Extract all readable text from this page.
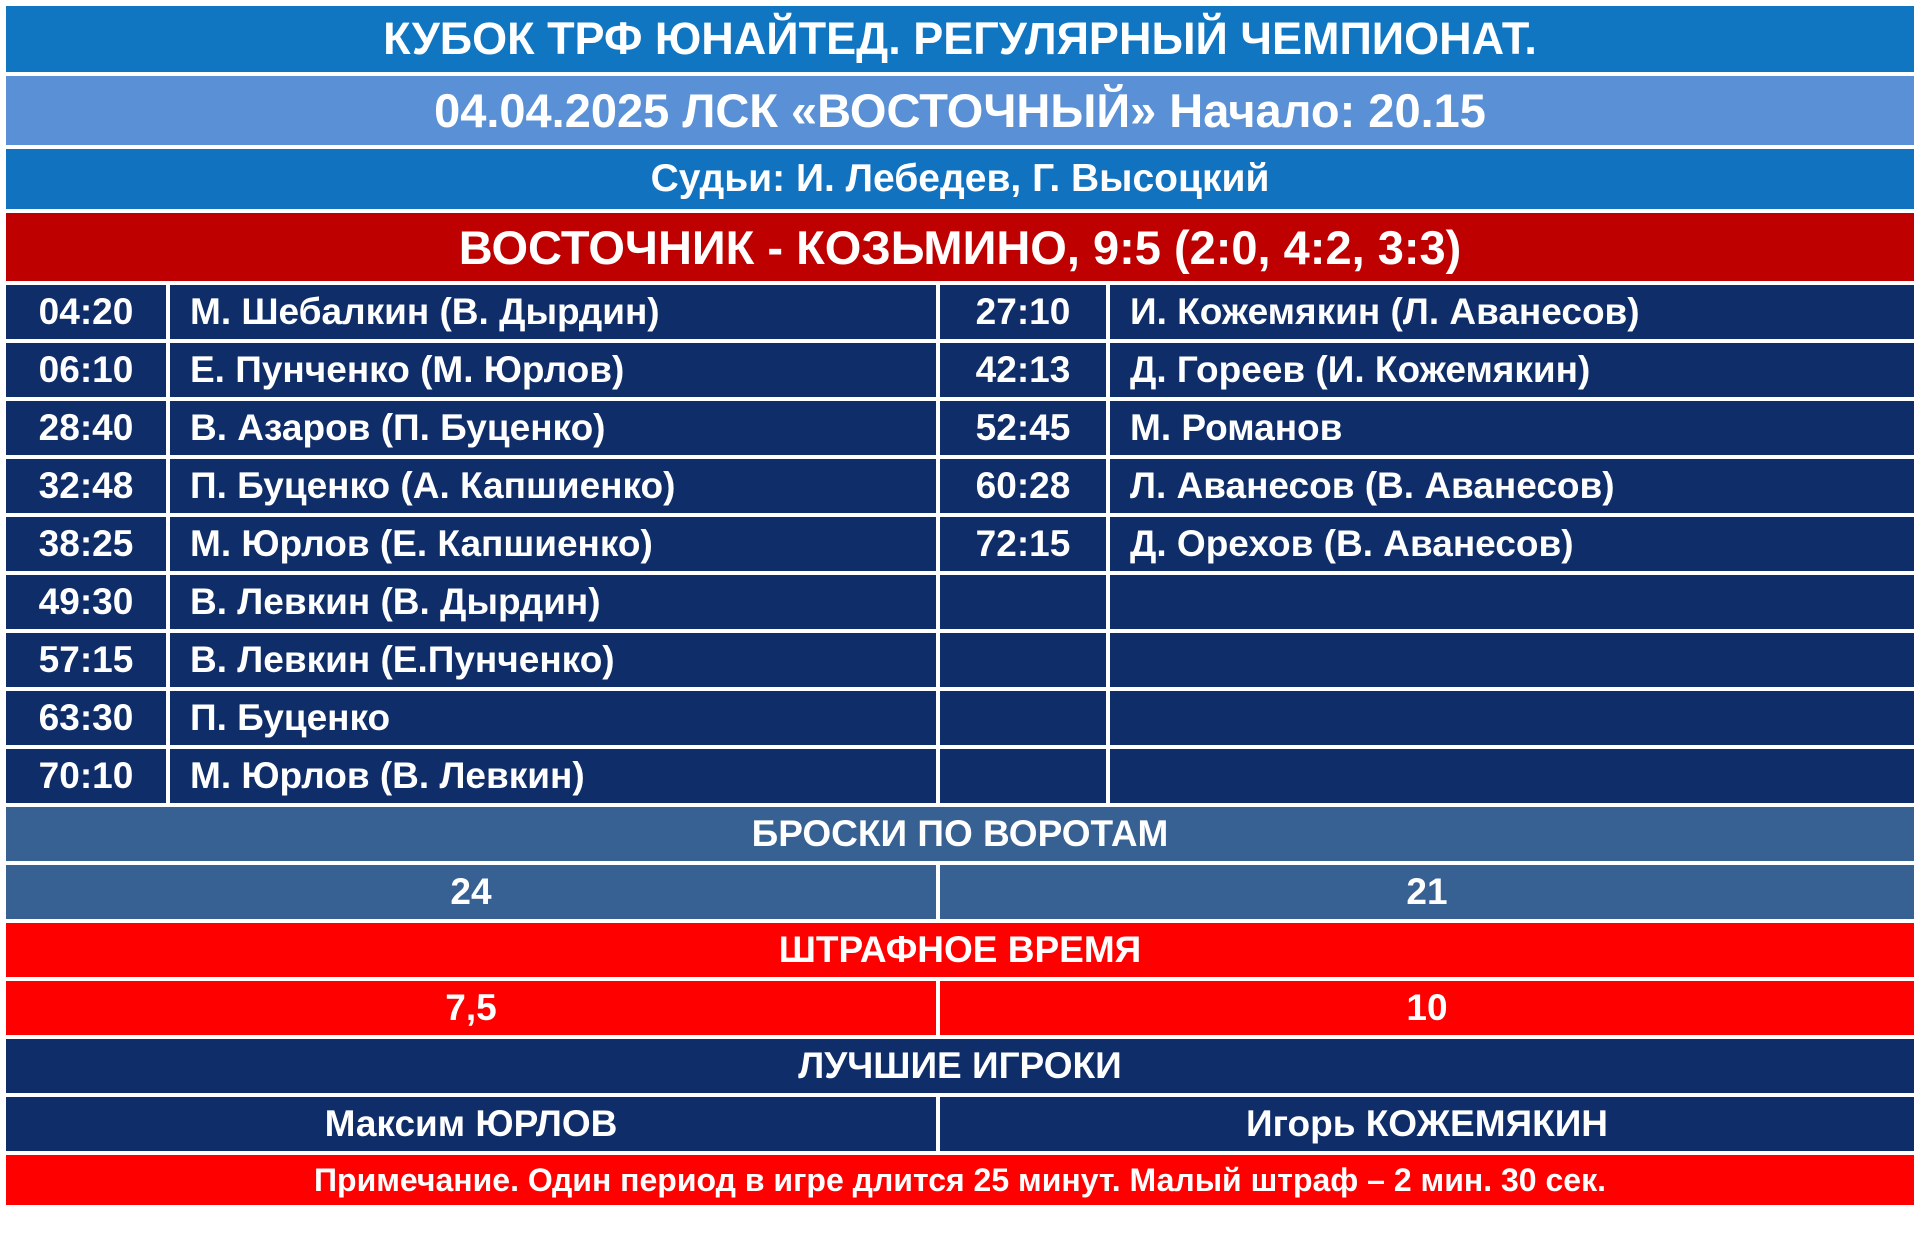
КУБОК ТРФ ЮНАЙТЕД. РЕГУЛЯРНЫЙ ЧЕМПИОНАТ.
04.04.2025 ЛСК «ВОСТОЧНЫЙ» Начало: 20.15
Судьи: И. Лебедев, Г. Высоцкий
ВОСТОЧНИК - КОЗЬМИНО, 9:5 (2:0, 4:2, 3:3)
04:20	М. Шебалкин (В. Дырдин)	27:10	И. Кожемякин (Л. Аванесов)
06:10	Е. Пунченко (М. Юрлов)	42:13	Д. Гореев (И. Кожемякин)
28:40	В. Азаров (П. Буценко)	52:45	М. Романов
32:48	П. Буценко (А. Капшиенко)	60:28	Л. Аванесов (В. Аванесов)
38:25	М. Юрлов (Е. Капшиенко)	72:15	Д. Орехов (В. Аванесов)
49:30	В. Левкин (В. Дырдин)
57:15	В. Левкин (Е.Пунченко)
63:30	П. Буценко
70:10	М. Юрлов (В. Левкин)
БРОСКИ ПО ВОРОТАМ
24	21
ШТРАФНОЕ ВРЕМЯ
7,5	10
ЛУЧШИЕ ИГРОКИ
Максим ЮРЛОВ	Игорь КОЖЕМЯКИН
Примечание. Один период в игре длится 25 минут. Малый штраф – 2 мин. 30 сек.
